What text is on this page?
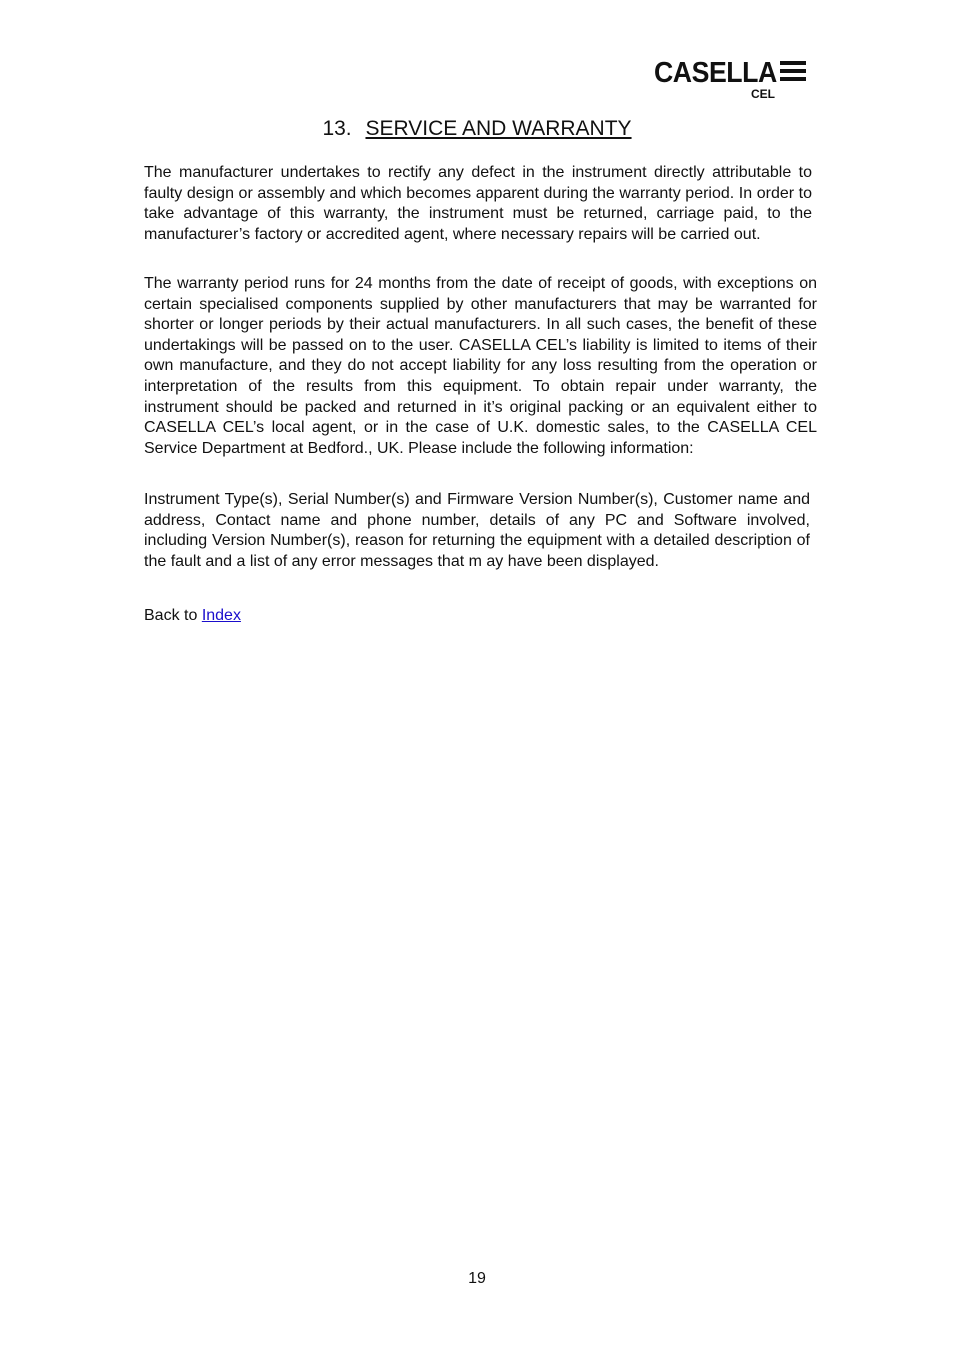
CASELLA
CEL
13. SERVICE AND WARRANTY

The manufacturer undertakes to rectify any defect in the instrument directly attributable to faulty design or assembly and which becomes apparent during the warranty period. In order to take advantage of this warranty, the instrument must be returned, carriage paid, to the manufacturer’s factory or accredited agent, where necessary repairs will be carried out.

The warranty period runs for 24 months from the date of receipt of goods, with exceptions on certain specialised components supplied by other manufacturers that may be warranted for shorter or longer periods by their actual manufacturers. In all such cases, the benefit of these undertakings will be passed on to the user. CASELLA CEL’s liability is limited to items of their own manufacture, and they do not accept liability for any loss resulting from the operation or interpretation of the results from this equipment. To obtain repair under warranty, the instrument should be packed and returned in it’s original packing or an equivalent either to CASELLA CEL’s local agent, or in the case of U.K. domestic sales, to the CASELLA CEL Service Department at Bedford., UK. Please include the following information:

Instrument Type(s), Serial Number(s) and Firmware Version Number(s), Customer name and address, Contact name and phone number, details of any PC and Software involved, including Version Number(s), reason for returning the equipment with a detailed description of the fault and a list of any error messages that m ay have been displayed.

Back to Index
19
